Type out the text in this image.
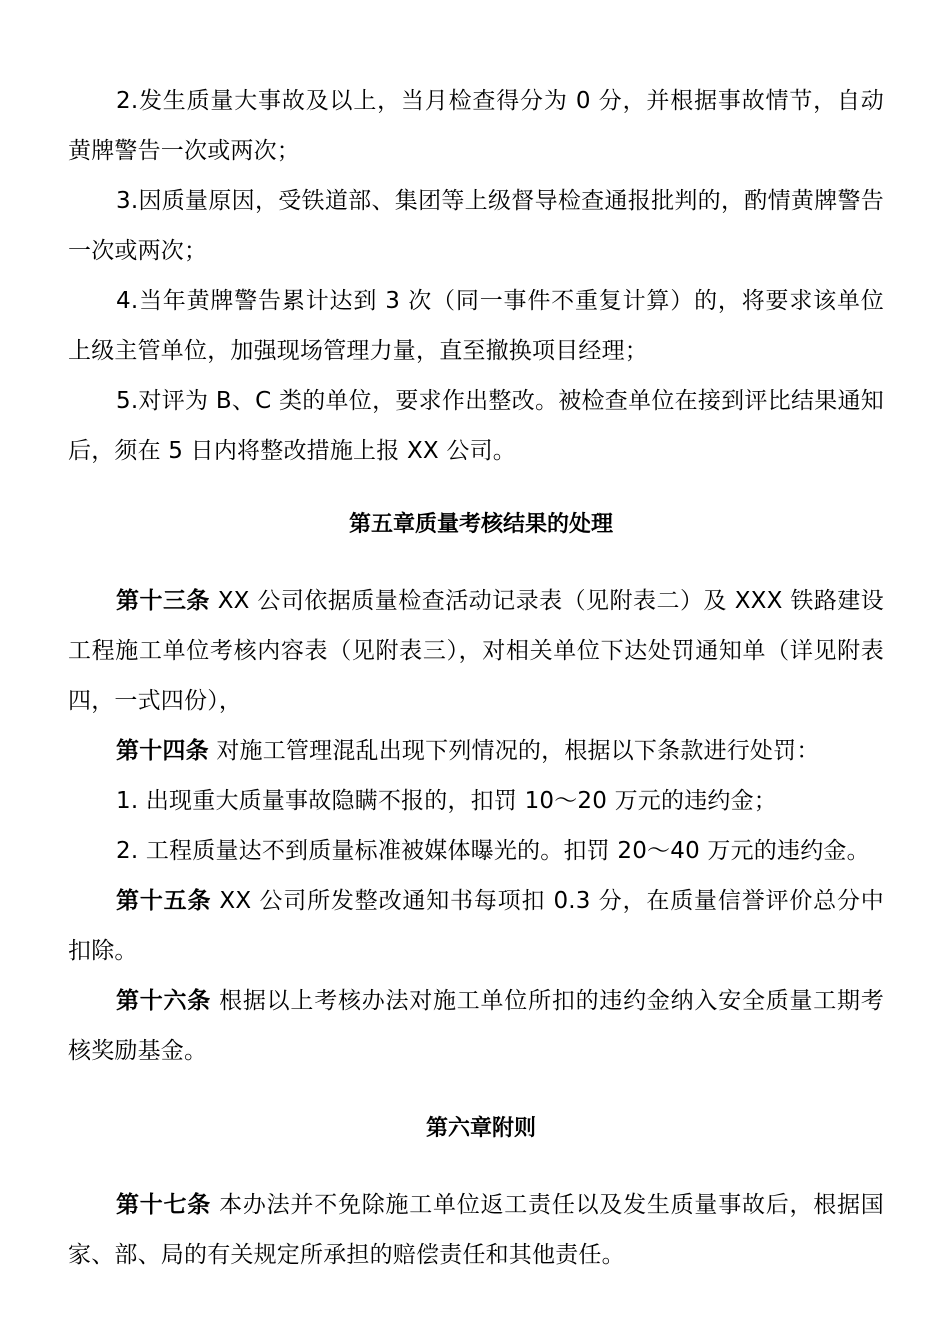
2.发生质量大事故及以上，当月检查得分为 0 分，并根据事故情节，自动黄牌警告一次或两次；

3.因质量原因，受铁道部、集团等上级督导检查通报批判的，酌情黄牌警告一次或两次；

4.当年黄牌警告累计达到 3 次（同一事件不重复计算）的，将要求该单位上级主管单位，加强现场管理力量，直至撤换项目经理；

5.对评为 B、C 类的单位，要求作出整改。被检查单位在接到评比结果通知后，须在 5 日内将整改措施上报 XX 公司。

第五章质量考核结果的处理

第十三条 XX 公司依据质量检查活动记录表（见附表二）及 XXX 铁路建设工程施工单位考核内容表（见附表三），对相关单位下达处罚通知单（详见附表四，一式四份），

第十四条 对施工管理混乱出现下列情况的，根据以下条款进行处罚：

1. 出现重大质量事故隐瞒不报的，扣罚 10～20 万元的违约金；

2. 工程质量达不到质量标准被媒体曝光的。扣罚 20～40 万元的违约金。

第十五条 XX 公司所发整改通知书每项扣 0.3 分，在质量信誉评价总分中扣除。

第十六条 根据以上考核办法对施工单位所扣的违约金纳入安全质量工期考核奖励基金。

第六章附则

第十七条 本办法并不免除施工单位返工责任以及发生质量事故后，根据国家、部、局的有关规定所承担的赔偿责任和其他责任。
